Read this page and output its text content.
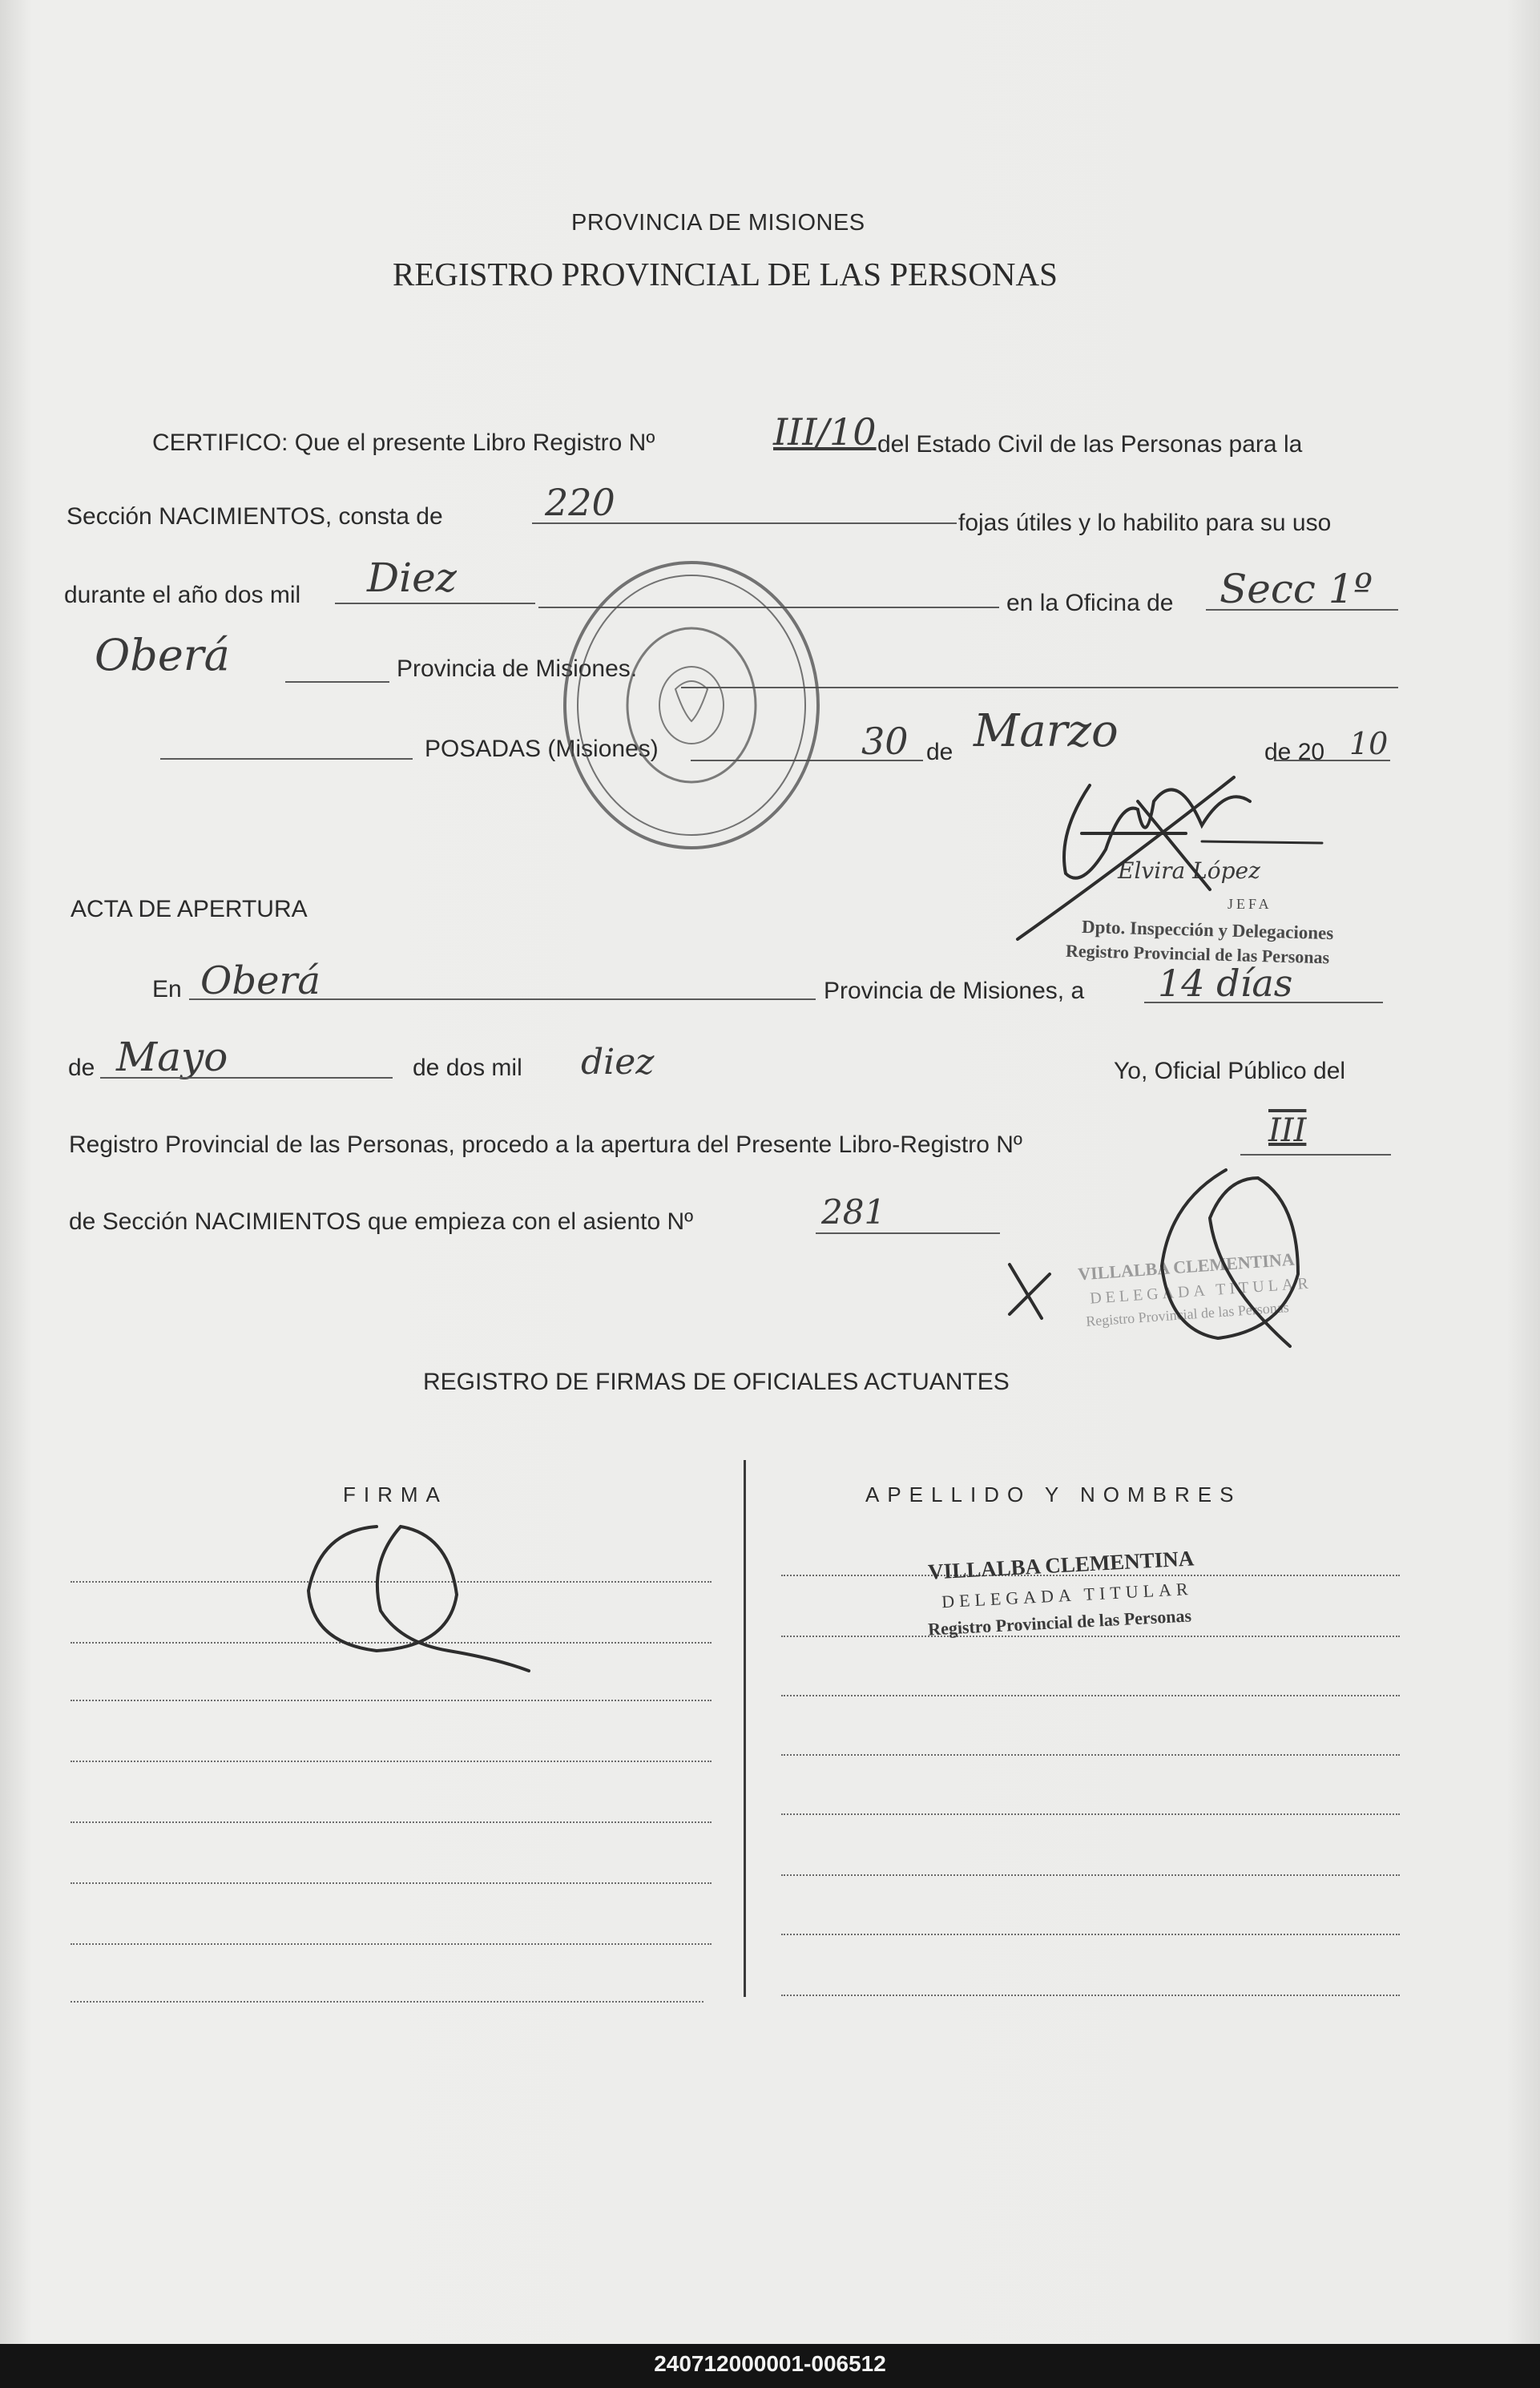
PROVINCIA DE MISIONES
REGISTRO PROVINCIAL DE LAS PERSONAS
CERTIFICO: Que el presente Libro Registro Nº	III/10 del Estado Civil de las Personas para la
Sección NACIMIENTOS, consta de	220	fojas útiles y lo habilito para su uso
durante el año dos mil Diez
en la Oficina de Secc 1º
Oberá	Provincia de Misiones.
POSADAS (Misiones)	30 de Marzo	de 20 10
Elvira López
JEFA
Dpto. Inspección y Delegaciones
Registro Provincial de las Personas
ACTA DE APERTURA
En Oberá	Provincia de Misiones, a 14 días
de Mayo	de dos mil diez	Yo, Oficial Público del
Registro Provincial de las Personas, procedo a la apertura del Presente Libro-Registro Nº	III
de Sección NACIMIENTOS que empieza con el asiento Nº	281
VILLALBA CLEMENTINA
DELEGADA TITULAR
Registro Provincial de las Personas
REGISTRO DE FIRMAS DE OFICIALES ACTUANTES
FIRMA	APELLIDO Y NOMBRES
VILLALBA CLEMENTINA
DELEGADA TITULAR
Registro Provincial de las Personas
240712000001-006512
